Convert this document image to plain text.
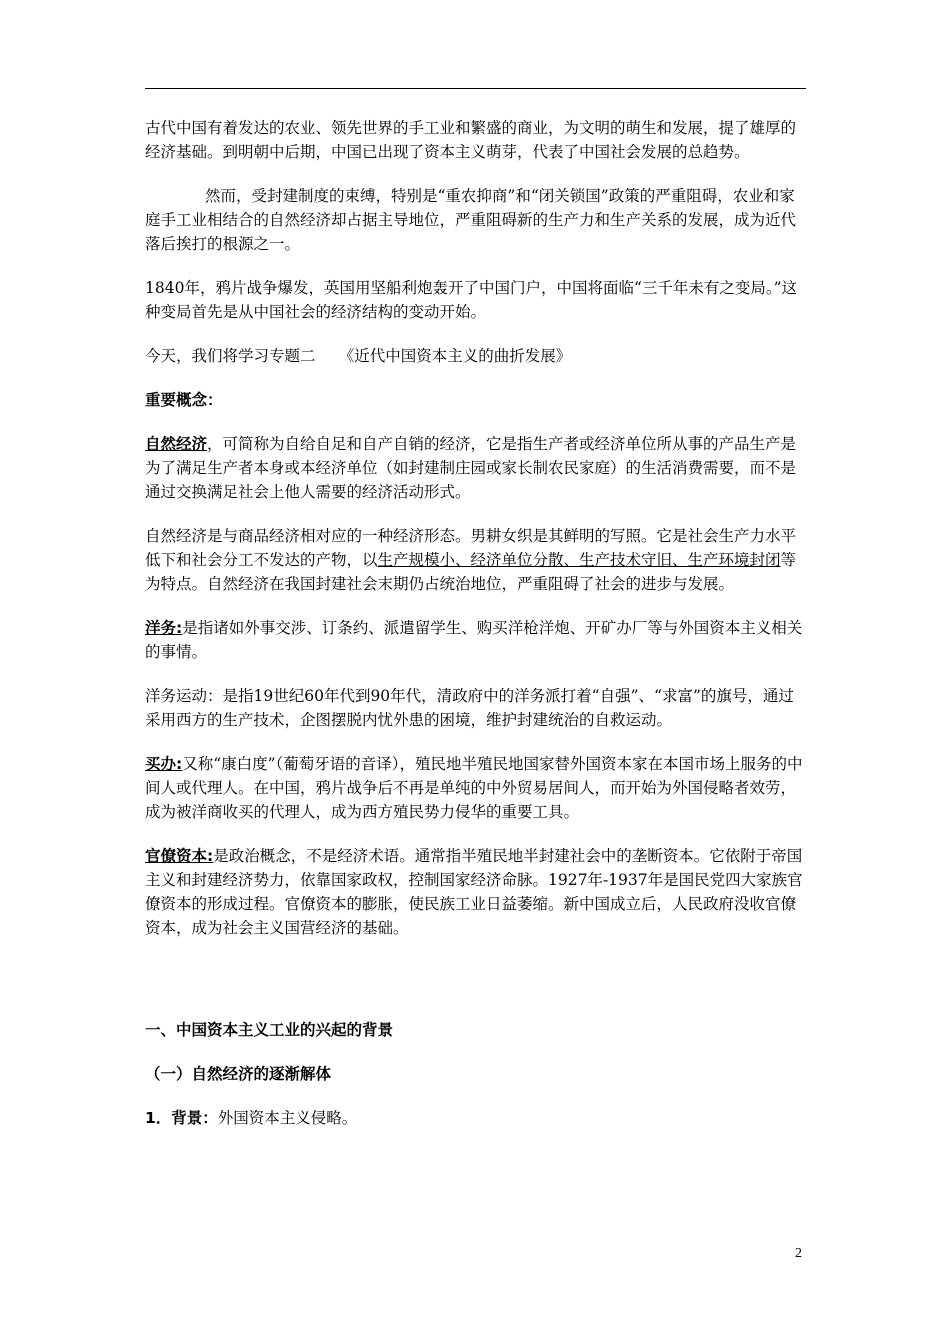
古代中国有着发达的农业、领先世界的手工业和繁盛的商业，为文明的萌生和发展，提了雄厚的经济基础。到明朝中后期，中国已出现了资本主义萌芽，代表了中国社会发展的总趋势。

然而，受封建制度的束缚，特别是“重农抑商”和“闭关锁国”政策的严重阻碍，农业和家庭手工业相结合的自然经济却占据主导地位，严重阻碍新的生产力和生产关系的发展，成为近代落后挨打的根源之一。

1840年，鸦片战争爆发，英国用坚船利炮轰开了中国门户，中国将面临“三千年未有之变局。”这种变局首先是从中国社会的经济结构的变动开始。

今天，我们将学习专题二　　《近代中国资本主义的曲折发展》

重要概念：

自然经济，可简称为自给自足和自产自销的经济，它是指生产者或经济单位所从事的产品生产是为了满足生产者本身或本经济单位（如封建制庄园或家长制农民家庭）的生活消费需要，而不是通过交换满足社会上他人需要的经济活动形式。

自然经济是与商品经济相对应的一种经济形态。男耕女织是其鲜明的写照。它是社会生产力水平低下和社会分工不发达的产物，以生产规模小、经济单位分散、生产技术守旧、生产环境封闭等为特点。自然经济在我国封建社会末期仍占统治地位，严重阻碍了社会的进步与发展。

洋务:是指诸如外事交涉、订条约、派遣留学生、购买洋枪洋炮、开矿办厂等与外国资本主义相关的事情。

洋务运动：是指19世纪60年代到90年代，清政府中的洋务派打着“自强”、“求富”的旗号，通过采用西方的生产技术，企图摆脱内忧外患的困境，维护封建统治的自救运动。

买办:又称“康白度”（葡萄牙语的音译），殖民地半殖民地国家替外国资本家在本国市场上服务的中间人或代理人。在中国，鸦片战争后不再是单纯的中外贸易居间人，而开始为外国侵略者效劳，成为被洋商收买的代理人，成为西方殖民势力侵华的重要工具。

官僚资本:是政治概念，不是经济术语。通常指半殖民地半封建社会中的垄断资本。它依附于帝国主义和封建经济势力，依靠国家政权，控制国家经济命脉。1927年-1937年是国民党四大家族官僚资本的形成过程。官僚资本的膨胀，使民族工业日益萎缩。新中国成立后，人民政府没收官僚资本，成为社会主义国营经济的基础。

一、中国资本主义工业的兴起的背景

（一）自然经济的逐渐解体

1．背景：外国资本主义侵略。

2
